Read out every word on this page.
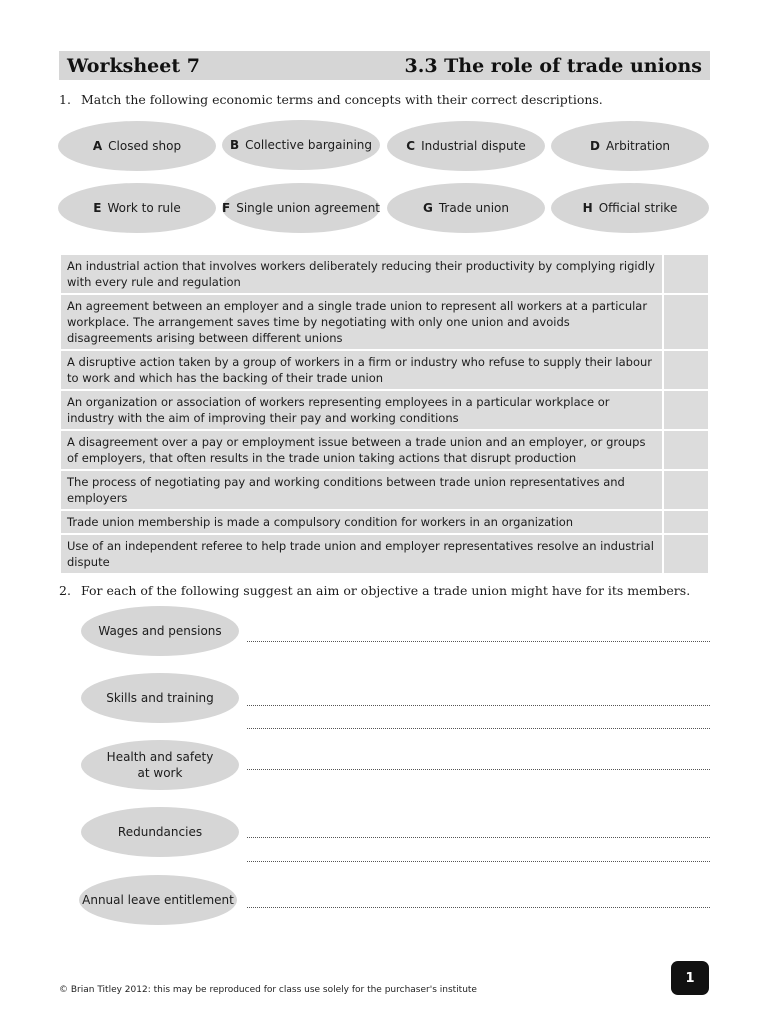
Worksheet 7	3.3 The role of trade unions
1. Match the following economic terms and concepts with their correct descriptions.
A Closed shop	B Collective bargaining	C Industrial dispute	D Arbitration
E Work to rule	F Single union agreement	G Trade union	H Official strike
An industrial action that involves workers deliberately reducing their productivity by complying rigidly with every rule and regulation	
An agreement between an employer and a single trade union to represent all workers at a particular workplace. The arrangement saves time by negotiating with only one union and avoids disagreements arising between different unions	
A disruptive action taken by a group of workers in a firm or industry who refuse to supply their labour to work and which has the backing of their trade union	
An organization or association of workers representing employees in a particular workplace or industry with the aim of improving their pay and working conditions	
A disagreement over a pay or employment issue between a trade union and an employer, or groups of employers, that often results in the trade union taking actions that disrupt production	
The process of negotiating pay and working conditions between trade union representatives and employers	
Trade union membership is made a compulsory condition for workers in an organization	
Use of an independent referee to help trade union and employer representatives resolve an industrial dispute	
2. For each of the following suggest an aim or objective a trade union might have for its members.
Wages and pensions
Skills and training
Health and safety at work
Redundancies
Annual leave entitlement
1
© Brian Titley 2012: this may be reproduced for class use solely for the purchaser's institute
